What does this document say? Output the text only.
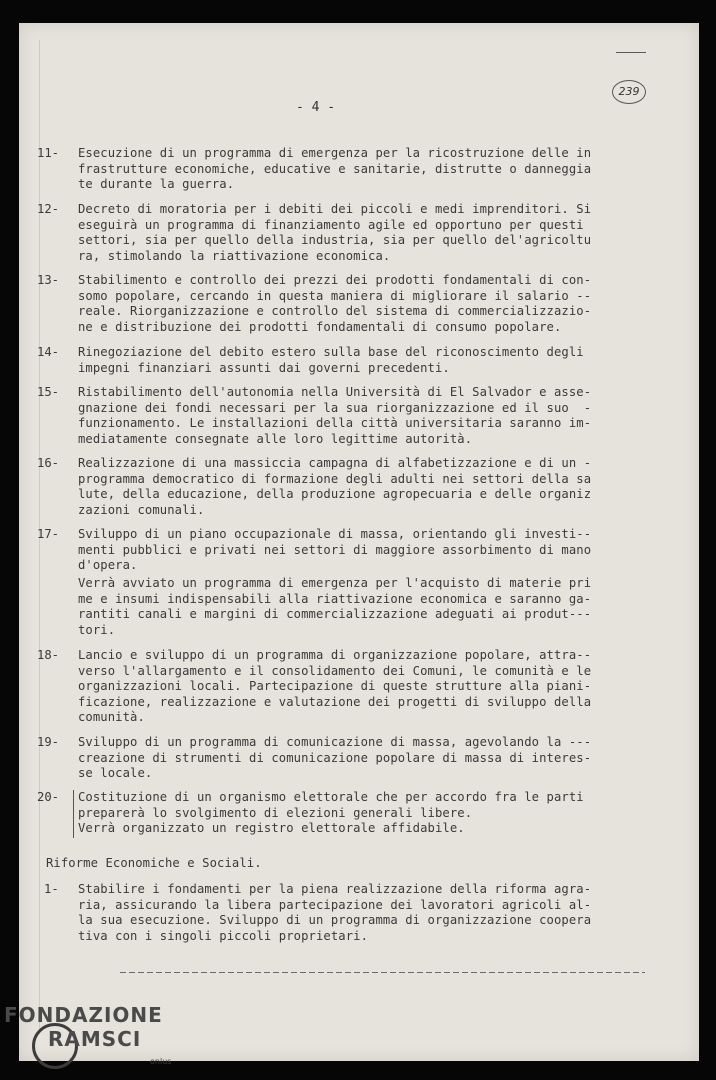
- 4 -
239
11- Esecuzione di un programma di emergenza per la ricostruzione delle in
frastrutture economiche, educative e sanitarie, distrutte o danneggia
te durante la guerra.
12- Decreto di moratoria per i debiti dei piccoli e medi imprenditori. Si
eseguirà un programma di finanziamento agile ed opportuno per questi
settori, sia per quello della industria, sia per quello del'agricoltu
ra, stimolando la riattivazione economica.
13- Stabilimento e controllo dei prezzi dei prodotti fondamentali di con-
somo popolare, cercando in questa maniera di migliorare il salario --
reale. Riorganizzazione e controllo del sistema di commercializzazio-
ne e distribuzione dei prodotti fondamentali di consumo popolare.
14- Rinegoziazione del debito estero sulla base del riconoscimento degli
impegni finanziari assunti dai governi precedenti.
15- Ristabilimento dell'autonomia nella Università di El Salvador e asse-
gnazione dei fondi necessari per la sua riorganizzazione ed il suo  -
funzionamento. Le installazioni della città universitaria saranno im-
mediatamente consegnate alle loro legittime autorità.
16- Realizzazione di una massiccia campagna di alfabetizzazione e di un -
programma democratico di formazione degli adulti nei settori della sa
lute, della educazione, della produzione agropecuaria e delle organiz
zazioni comunali.
17- Sviluppo di un piano occupazionale di massa, orientando gli investi--
menti pubblici e privati nei settori di maggiore assorbimento di mano
d'opera.
Verrà avviato un programma di emergenza per l'acquisto di materie pri
me e insumi indispensabili alla riattivazione economica e saranno ga-
rantiti canali e margini di commercializzazione adeguati ai produt---
tori.
18- Lancio e sviluppo di un programma di organizzazione popolare, attra--
verso l'allargamento e il consolidamento dei Comuni, le comunità e le
organizzazioni locali. Partecipazione di queste strutture alla piani-
ficazione, realizzazione e valutazione dei progetti di sviluppo della
comunità.
19- Sviluppo di un programma di comunicazione di massa, agevolando la ---
creazione di strumenti di comunicazione popolare di massa di interes-
se locale.
20- Costituzione di un organismo elettorale che per accordo fra le parti
preparerà lo svolgimento di elezioni generali libere.
Verrà organizzato un registro elettorale affidabile.
Riforme Economiche e Sociali.
1- Stabilire i fondamenti per la piena realizzazione della riforma agra-
ria, assicurando la libera partecipazione dei lavoratori agricoli al-
la sua esecuzione. Sviluppo di un programma di organizzazione coopera
tiva con i singoli piccoli proprietari.
FONDAZIONE
RAMSCI
onlus
